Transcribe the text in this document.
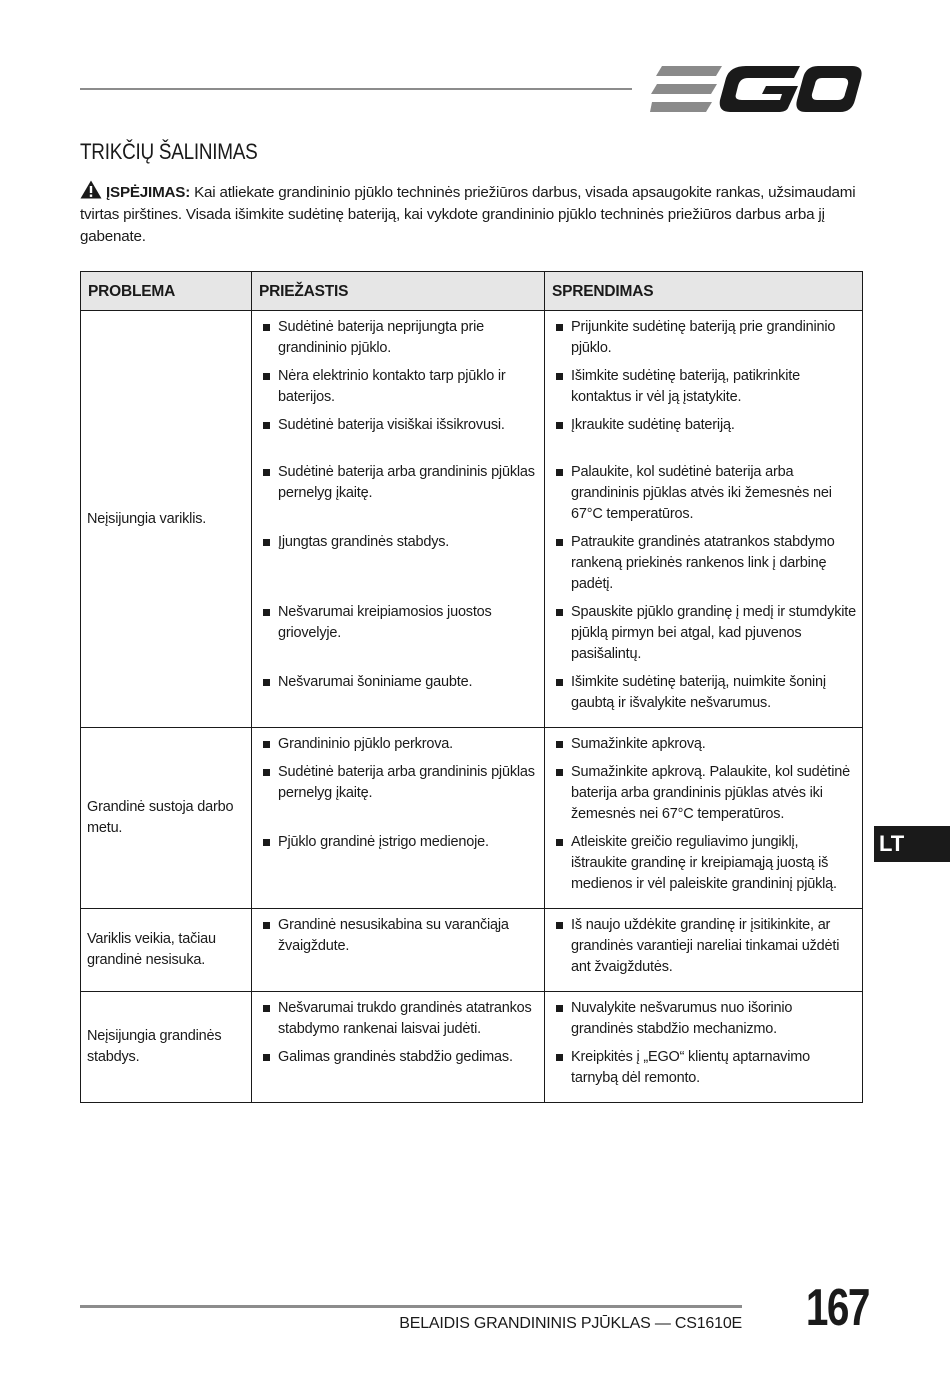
TRIKČIŲ ŠALINIMAS
ĮSPĖJIMAS: Kai atliekate grandininio pjūklo techninės priežiūros darbus, visada apsaugokite rankas, užsimaudami tvirtas pirštines. Visada išimkite sudėtinę bateriją, kai vykdote grandininio pjūklo techninės priežiūros darbus arba jį gabenate.
PROBLEMA	PRIEŽASTIS	SPRENDIMAS
Neįsijungia variklis.	Sudėtinė baterija neprijungta prie grandininio pjūklo.	Prijunkite sudėtinę bateriją prie grandininio pjūklo.

	Nėra elektrinio kontakto tarp pjūklo ir baterijos.	Išimkite sudėtinę bateriją, patikrinkite kontaktus ir vėl ją įstatykite.

	Sudėtinė baterija visiškai išsikrovusi.	Įkraukite sudėtinę bateriją.

	Sudėtinė baterija arba grandininis pjūklas pernelyg įkaitę.	Palaukite, kol sudėtinė baterija arba grandininis pjūklas atvės iki žemesnės nei 67°C temperatūros.

	Įjungtas grandinės stabdys.	Patraukite grandinės atatrankos stabdymo rankeną priekinės rankenos link į darbinę padėtį.

	Nešvarumai kreipiamosios juostos griovelyje.	Spauskite pjūklo grandinę į medį ir stumdykite pjūklą pirmyn bei atgal, kad pjuvenos pasišalintų.

	Nešvarumai šoniniame gaubte.	Išimkite sudėtinę bateriją, nuimkite šoninį gaubtą ir išvalykite nešvarumus.

Grandinė sustoja darbo metu.	Grandininio pjūklo perkrova.	Sumažinkite apkrovą.

	Sudėtinė baterija arba grandininis pjūklas pernelyg įkaitę.	Sumažinkite apkrovą. Palaukite, kol sudėtinė baterija arba grandininis pjūklas atvės iki žemesnės nei 67°C temperatūros.

	Pjūklo grandinė įstrigo medienoje.	Atleiskite greičio reguliavimo jungiklį, ištraukite grandinę ir kreipiamąją juostą iš medienos ir vėl paleiskite grandininį pjūklą.

Variklis veikia, tačiau grandinė nesisuka.	Grandinė nesusikabina su varančiąja žvaigždute.	Iš naujo uždėkite grandinę ir įsitikinkite, ar grandinės varantieji nareliai tinkamai uždėti ant žvaigždutės.

Neįsijungia grandinės stabdys.	Nešvarumai trukdo grandinės atatrankos stabdymo rankenai laisvai judėti.	Nuvalykite nešvarumus nuo išorinio grandinės stabdžio mechanizmo.

	Galimas grandinės stabdžio gedimas.	Kreipkitės į „EGO“ klientų aptarnavimo tarnybą dėl remonto.
LT
BELAIDIS GRANDININIS PJŪKLAS — CS1610E 167
